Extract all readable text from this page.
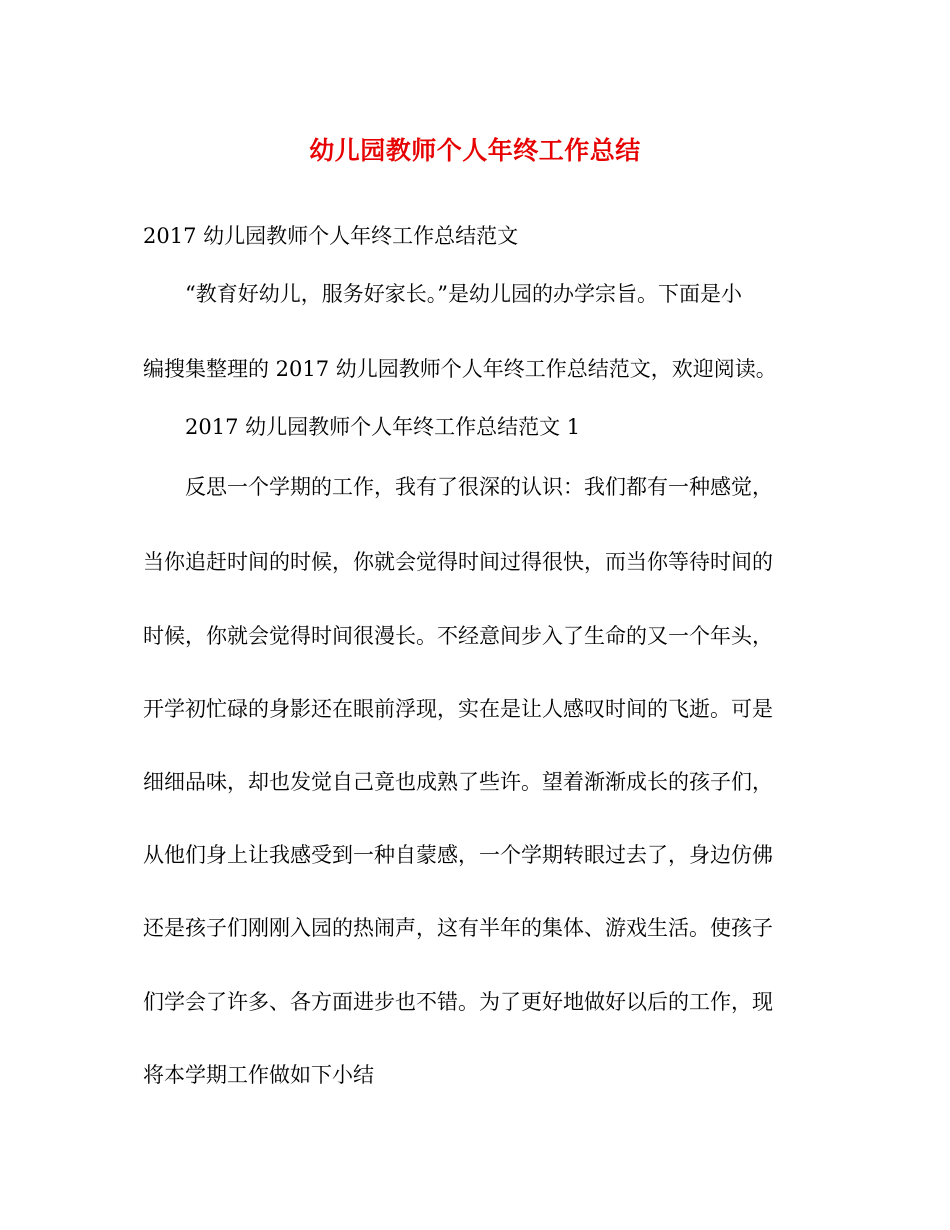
幼儿园教师个人年终工作总结
2017 幼儿园教师个人年终工作总结范文
“教育好幼儿，服务好家长。”是幼儿园的办学宗旨。下面是小
编搜集整理的 2017 幼儿园教师个人年终工作总结范文，欢迎阅读。
2017 幼儿园教师个人年终工作总结范文 1
反思一个学期的工作，我有了很深的认识：我们都有一种感觉，
当你追赶时间的时候，你就会觉得时间过得很快，而当你等待时间的
时候，你就会觉得时间很漫长。不经意间步入了生命的又一个年头，
开学初忙碌的身影还在眼前浮现，实在是让人感叹时间的飞逝。可是
细细品味，却也发觉自己竟也成熟了些许。望着渐渐成长的孩子们，
从他们身上让我感受到一种自蒙感，一个学期转眼过去了，身边仿佛
还是孩子们刚刚入园的热闹声，这有半年的集体、游戏生活。使孩子
们学会了许多、各方面进步也不错。为了更好地做好以后的工作，现
将本学期工作做如下小结
